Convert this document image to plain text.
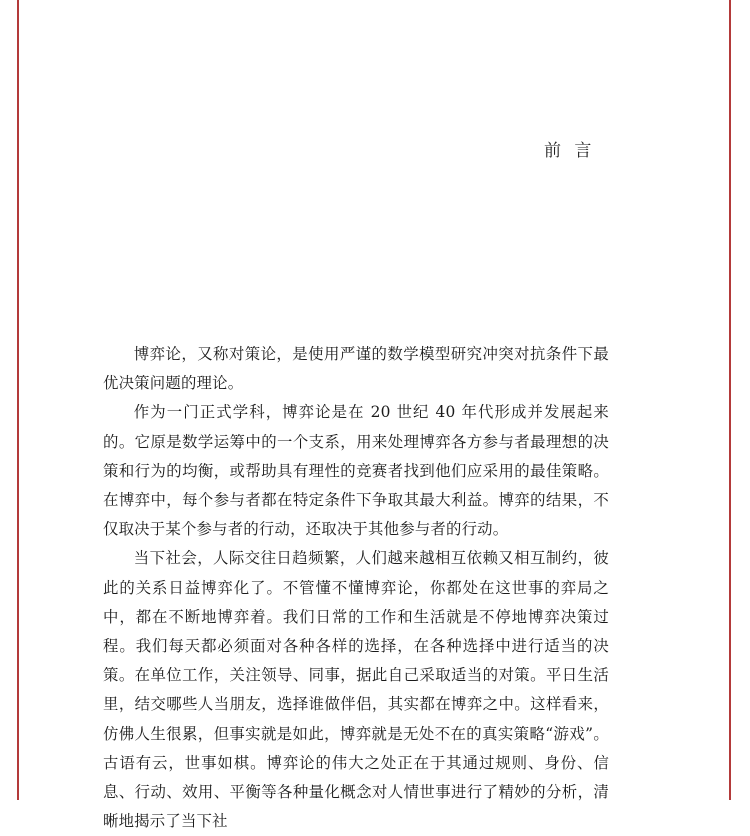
前 言

博弈论，又称对策论，是使用严谨的数学模型研究冲突对抗条件下最优决策问题的理论。

作为一门正式学科，博弈论是在 20 世纪 40 年代形成并发展起来的。它原是数学运筹中的一个支系，用来处理博弈各方参与者最理想的决策和行为的均衡，或帮助具有理性的竞赛者找到他们应采用的最佳策略。在博弈中，每个参与者都在特定条件下争取其最大利益。博弈的结果，不仅取决于某个参与者的行动，还取决于其他参与者的行动。

当下社会，人际交往日趋频繁，人们越来越相互依赖又相互制约，彼此的关系日益博弈化了。不管懂不懂博弈论，你都处在这世事的弈局之中，都在不断地博弈着。我们日常的工作和生活就是不停地博弈决策过程。我们每天都必须面对各种各样的选择，在各种选择中进行适当的决策。在单位工作，关注领导、同事，据此自己采取适当的对策。平日生活里，结交哪些人当朋友，选择谁做伴侣，其实都在博弈之中。这样看来，仿佛人生很累，但事实就是如此，博弈就是无处不在的真实策略“游戏”。古语有云，世事如棋。博弈论的伟大之处正在于其通过规则、身份、信息、行动、效用、平衡等各种量化概念对人情世事进行了精妙的分析，清晰地揭示了当下社
